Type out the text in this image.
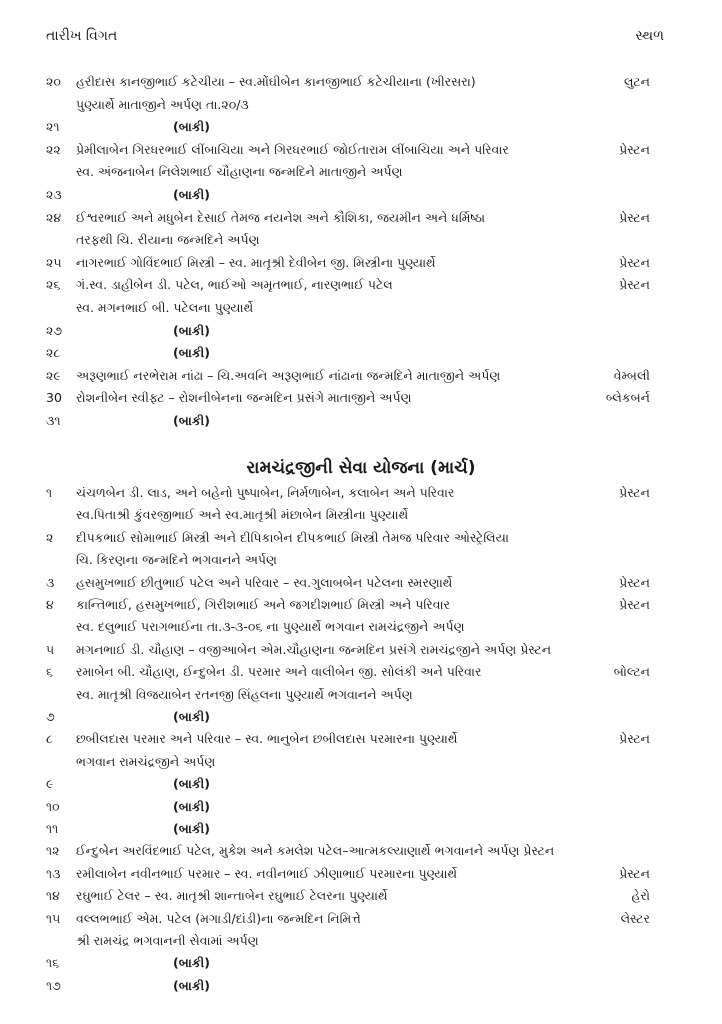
તારીખ વિગત	સ્થળ
૨૦ હરીદાસ કાનજીભાઈ કટેચીયા – સ્વ.મોંઘીબેન કાનજીભાઈ કટેચીયાના (ખીરસરા)	લુટન
પુણ્યાર્થે માતાજીને અર્પણ તા.૨૦/૩
૨૧	(બાકી)
૨૨ પ્રેમીલાબેન ગિરધરભાઈ લીંબાચિયા અને ગિરધરભાઈ જોઈતારામ લીંબાચિયા અને પરિવાર	પ્રેસ્ટન
સ્વ. અંજનાબેન નિલેશભાઈ ચૌહાણના જન્મદિને માતાજીને અર્પણ
૨૩	(બાકી)
૨૪ ઈશ્વરભાઈ અને મધુબેન દેસાઈ તેમજ નયનેશ અને કૌશિકા, જયમીન અને ધર્મિષ્ઠા	પ્રેસ્ટન
તરફથી ચિ. રીયાના જન્મદિને અર્પણ
૨૫ નાગરભાઈ ગોવિંદભાઈ મિસ્ત્રી – સ્વ. માતૃશ્રી દેવીબેન જી. મિસ્ત્રીના પુણ્યાર્થે	પ્રેસ્ટન
૨૬ ગં.સ્વ. ડાહીબેન ડી. પટેલ, ભાઈઓ અમૃતભાઈ, નારણભાઈ પટેલ	પ્રેસ્ટન
સ્વ. મગનભાઈ બી. પટેલના પુણ્યાર્થે
૨૭	(બાકી)
૨૮	(બાકી)
૨૯ અરૂણભાઈ નરભેરામ નાંઢા – ચિ.અવનિ અરૂણભાઈ નાંઢાના જન્મદિને માતાજીને અર્પણ	વેમ્બલી
30 રોશનીબેન સ્વીફ્ટ – રોશનીબેનના જન્મદિન પ્રસંગે માતાજીને અર્પણ	બ્લેકબર્ન
૩૧	(બાકી)
રામચંદ્રજીની સેવા યોજના (માર્ચ)
૧ ચંચળબેન ડી. લાડ, અને બહેનો પુષ્પાબેન, નિર્મળાબેન, કલાબેન અને પરિવાર	પ્રેસ્ટન
સ્વ.પિતાશ્રી કુંવરજીભાઈ અને સ્વ.માતૃશ્રી મંછાબેન મિસ્ત્રીના પુણ્યાર્થે
૨ દીપકભાઈ સોમાભાઈ મિસ્ત્રી અને દીપિકાબેન દીપકભાઈ મિસ્ત્રી તેમજ પરિવાર ઓસ્ટ્રેલિયા
ચિ. કિરણના જન્મદિને ભગવાનને અર્પણ
૩ હસમુખભાઈ છીતુભાઈ પટેલ અને પરિવાર – સ્વ.ગુલાબબેન પટેલના સ્મરણાર્થે	પ્રેસ્ટન
૪ કાન્તિભાઈ, હસમુખભાઈ, ગિરીશભાઈ અને જગદીશભાઈ મિસ્ત્રી અને પરિવાર	પ્રેસ્ટન
સ્વ. દલુભાઈ પરાગભાઈના તા.૩-૩-૦૬ ના પુણ્યાર્થે ભગવાન રામચંદ્રજીને અર્પણ
૫ મગનભાઈ ડી. ચૌહાણ – વજીઆબેન એમ.ચૌહાણના જન્મદિન પ્રસંગે રામચંદ્રજીને અર્પણ પ્રેસ્ટન
૬ રમાબેન બી. ચૌહાણ, ઈન્દુબેન ડી. પરમાર અને વાલીબેન જી. સોલંકી અને પરિવાર	બોલ્ટન
સ્વ. માતૃશ્રી વિજયાબેન રતનજી સિંહલના પુણ્યાર્થે ભગવાનને અર્પણ
૭	(બાકી)
૮ છબીલદાસ પરમાર અને પરિવાર – સ્વ. ભાનુબેન છબીલદાસ પરમારના પુણ્યાર્થે	પ્રેસ્ટન
ભગવાન રામચંદ્રજીને અર્પણ
૯	(બાકી)
૧૦	(બાકી)
૧૧	(બાકી)
૧૨ ઈન્દુબેન અરવિંદભાઈ પટેલ, મુકેશ અને કમલેશ પટેલ–આત્મકલ્યાણાર્થે ભગવાનને અર્પણ પ્રેસ્ટન
૧૩ રમીલાબેન નવીનભાઈ પરમાર – સ્વ. નવીનભાઈ ઝીણાભાઈ પરમારના પુણ્યાર્થે	પ્રેસ્ટન
૧૪ રઘુભાઈ ટેલર – સ્વ. માતૃશ્રી શાન્તાબેન રઘુભાઈ ટેલરના પુણ્યાર્થે	હેરો
૧૫ વલ્લભભાઈ એમ. પટેલ (મગાડી/દાંડી)ના જન્મદિન નિમિત્તે	લેસ્ટર
શ્રી રામચંદ્ર ભગવાનની સેવામાં અર્પણ
૧૬	(બાકી)
૧૭	(બાકી)
